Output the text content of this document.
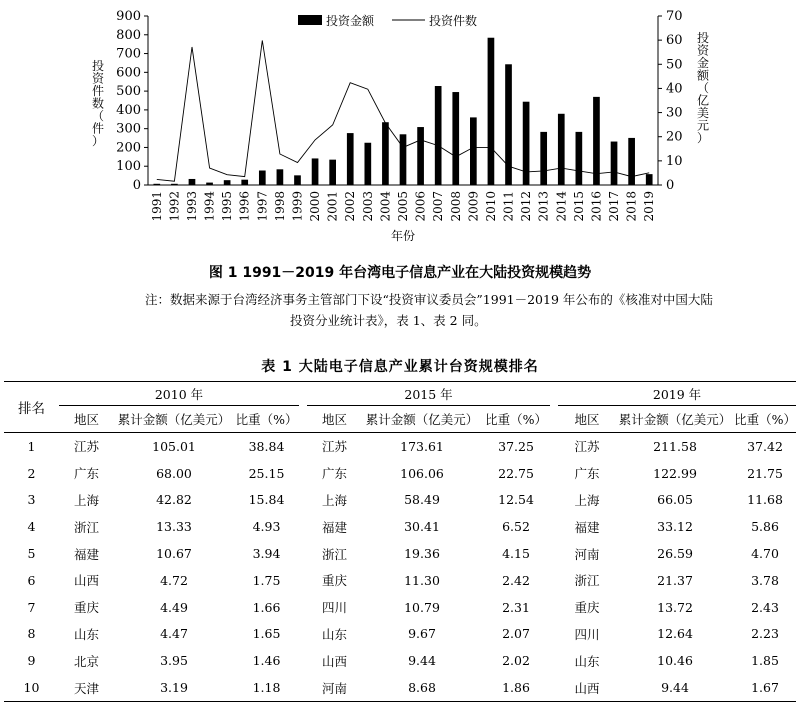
0
100
200
300
400
500
600
700
800
900
0
10
20
30
40
50
60
70
1991 1992 1993 1994 1995 1996 1997 1998 1999 2000 2001 2002 2003 2004 2005 2006 2007 2008 2009 2010 2011 2012 2013 2014 2015 2016 2017 2018 2019
年份
投资件数（件）
投资金额（亿美元）
投资金额	投资件数
图 1 1991－2019 年台湾电子信息产业在大陆投资规模趋势
注：数据来源于台湾经济事务主管部门下设“投资审议委员会”1991－2019 年公布的《核准对中国大陆
投资分业统计表》，表 1、表 2 同。
表 1 大陆电子信息产业累计台资规模排名
排名	2010 年				2015 年				2019 年		
	地区	累计金额（亿美元）	比重（%）		地区	累计金额（亿美元）	比重（%）		地区	累计金额（亿美元）	比重（%）
1	江苏	105.01	38.84		江苏	173.61	37.25		江苏	211.58	37.42
2	广东	68.00	25.15		广东	106.06	22.75		广东	122.99	21.75
3	上海	42.82	15.84		上海	58.49	12.54		上海	66.05	11.68
4	浙江	13.33	4.93		福建	30.41	6.52		福建	33.12	5.86
5	福建	10.67	3.94		浙江	19.36	4.15		河南	26.59	4.70
6	山西	4.72	1.75		重庆	11.30	2.42		浙江	21.37	3.78
7	重庆	4.49	1.66		四川	10.79	2.31		重庆	13.72	2.43
8	山东	4.47	1.65		山东	9.67	2.07		四川	12.64	2.23
9	北京	3.95	1.46		山西	9.44	2.02		山东	10.46	1.85
10	天津	3.19	1.18		河南	8.68	1.86		山西	9.44	1.67
